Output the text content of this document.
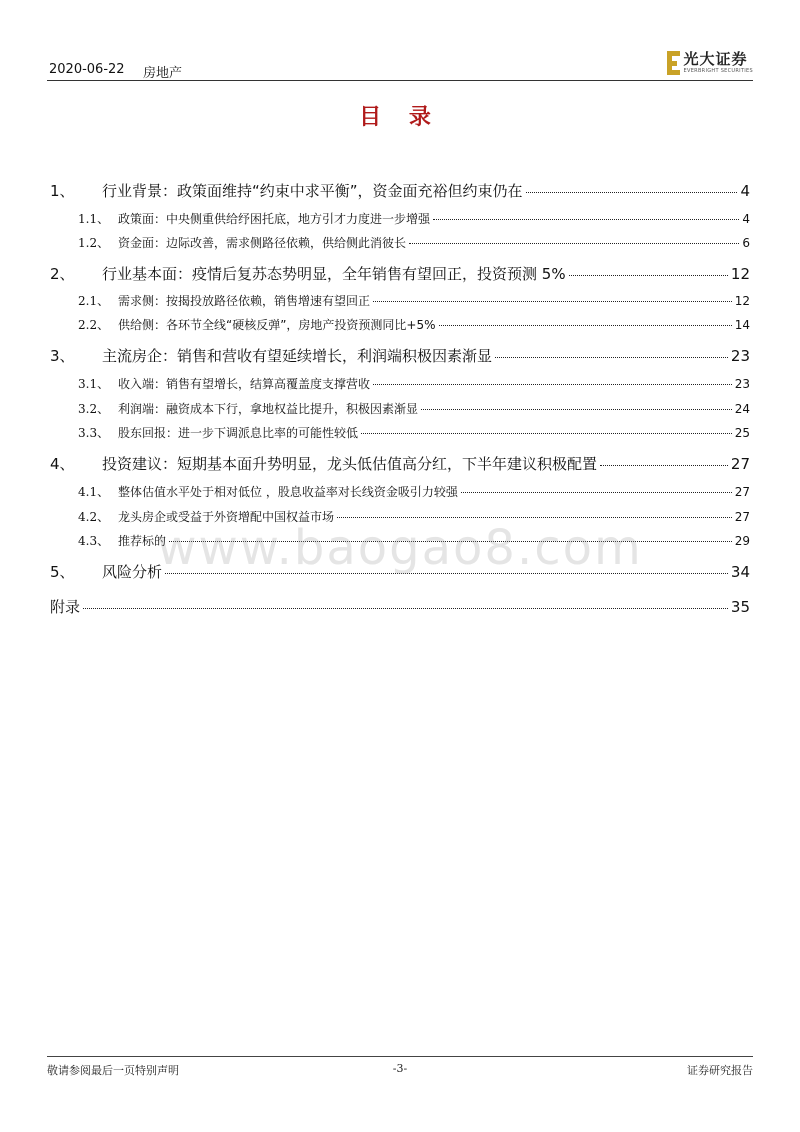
2020-06-22 房地产
光大证券
EVERBRIGHT SECURITIES
目 录
1、	行业背景：政策面维持“约束中求平衡”，资金面充裕但约束仍在	4
1.1、 政策面：中央侧重供给纾困托底，地方引才力度进一步增强	4
1.2、 资金面：边际改善，需求侧路径依赖，供给侧此消彼长	6
2、	行业基本面：疫情后复苏态势明显，全年销售有望回正，投资预测 5%	12
2.1、 需求侧：按揭投放路径依赖，销售增速有望回正	12
2.2、 供给侧：各环节全线“硬核反弹”，房地产投资预测同比+5%	14
3、	主流房企：销售和营收有望延续增长，利润端积极因素渐显	23
3.1、 收入端：销售有望增长，结算高覆盖度支撑营收	23
3.2、 利润端：融资成本下行，拿地权益比提升，积极因素渐显	24
3.3、 股东回报：进一步下调派息比率的可能性较低	25
4、	投资建议：短期基本面升势明显，龙头低估值高分红，下半年建议积极配置	27
4.1、 整体估值水平处于相对低位 ，股息收益率对长线资金吸引力较强	27
4.2、 龙头房企或受益于外资增配中国权益市场	27
4.3、 推荐标的	29
5、	风险分析	34
附录	35
www.baogao8.com
敬请参阅最后一页特别声明	-3-	证券研究报告
